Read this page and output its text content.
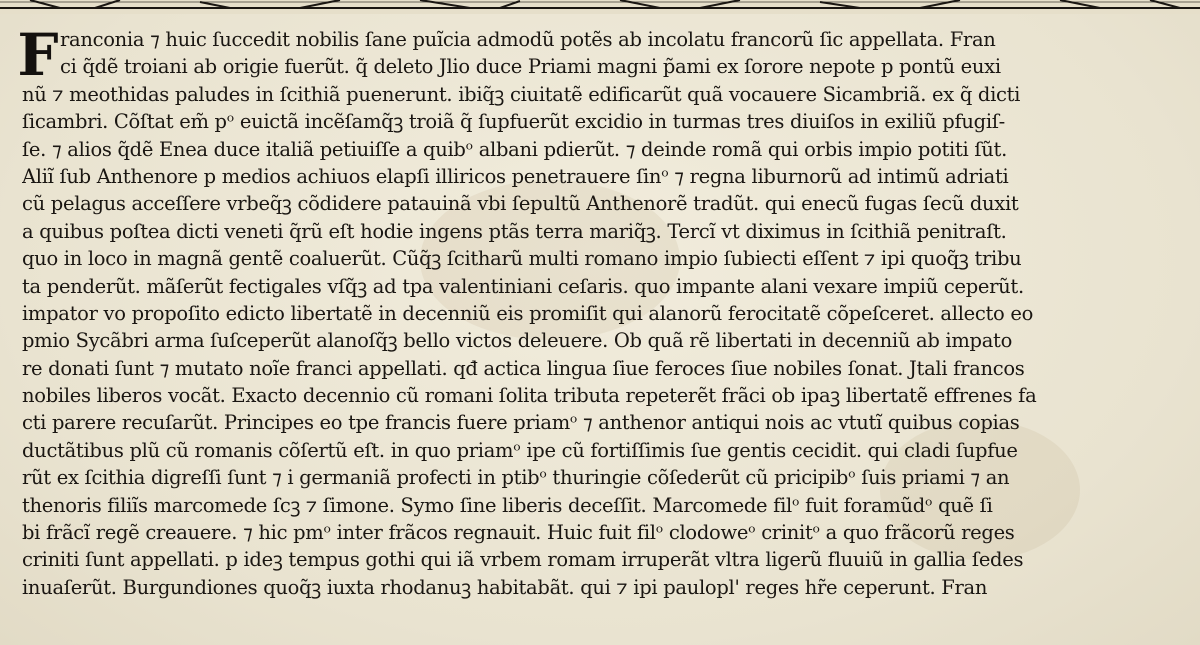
F ranconia ⁊ huic ſuccedit nobilis ſane puĩcia admodũ potẽs ab incolatu francorũ ſic appellata. Fran
ci q̃dẽ troiani ab origie fuerũt. q̃ deleto Jlio duce Priami magni p̃ami ex ſorore nepote p pontũ euxi
nũ ⁊ meothidas paludes in ſcithiã puenerunt. ibiq̃ꝫ ciuitatẽ edificarũt quã vocauere Sicambriã. ex q̃ dicti
ſicambri. Cõſtat em̃ pᵒ euictã incẽſamq̃ꝫ troiã q̃ ſupfuerũt excidio in turmas tres diuiſos in exiliũ pfugiſ-
ſe. ⁊ alios q̃dẽ Enea duce italiã petiuiſſe a quibᵒ albani pdierũt. ⁊ deinde romã qui orbis impio potiti ſũt.
Aliĩ ſub Anthenore p medios achiuos elapſi illiricos penetrauere ſinᵒ ⁊ regna liburnorũ ad intimũ adriati
cũ pelagus acceſſere vrbeq̃ꝫ cõdidere patauinã vbi ſepultũ Anthenorẽ tradũt. qui enecũ fugas ſecũ duxit
a quibus poſtea dicti veneti q̃rũ eſt hodie ingens ptãs terra mariq̃ꝫ. Tercĩ vt diximus in ſcithiã penitraſt.
quo in loco in magnã gentẽ coaluerũt. Cũq̃ꝫ ſcitharũ multi romano impio ſubiecti eſſent ⁊ ipi quoq̃ꝫ tribu
ta penderũt. mãſerũt fectigales vſq̃ꝫ ad tpa valentiniani ceſaris. quo impante alani vexare impiũ ceperũt.
impator vo propoſito edicto libertatẽ in decenniũ eis promiſit qui alanorũ ferocitatẽ cõpeſceret. allecto eo
pmio Sycãbri arma ſuſceperũt alanoſq̃ꝫ bello victos deleuere. Ob quã rẽ libertati in decenniũ ab impato
re donati ſunt ⁊ mutato noĩe franci appellati. qđ actica lingua ſiue feroces ſiue nobiles ſonat. Jtali francos
nobiles liberos vocãt. Exacto decennio cũ romani ſolita tributa repeterẽt frãci ob ipaꝫ libertatẽ effrenes fa
cti parere recuſarũt. Principes eo tpe francis fuere priamᵒ ⁊ anthenor antiqui nois ac vtutĩ quibus copias
ductãtibus plũ cũ romanis cõſertũ eſt. in quo priamᵒ ipe cũ fortiſſimis ſue gentis cecidit. qui cladi ſupfue
rũt ex ſcithia digreſſi ſunt ⁊ i germaniã profecti in ptibᵒ thuringie cõſederũt cũ pricipibᵒ ſuis priami ⁊ an
thenoris filiĩs marcomede ſcꝫ ⁊ ſimone. Symo ſine liberis deceſſit. Marcomede filᵒ fuit foramũdᵒ quẽ ſi
bi frãcĩ regẽ creauere. ⁊ hic pmᵒ inter frãcos regnauit. Huic fuit filᵒ clodoweᵒ crinitᵒ a quo frãcorũ reges
criniti ſunt appellati. p ideꝫ tempus gothi qui iã vrbem romam irruperãt vltra ligerũ fluuiũ in gallia ſedes
inuaſerũt. Burgundiones quoq̃ꝫ iuxta rhodanuꝫ habitabãt. qui ⁊ ipi paulopl' reges hr̃e ceperunt. Fran
